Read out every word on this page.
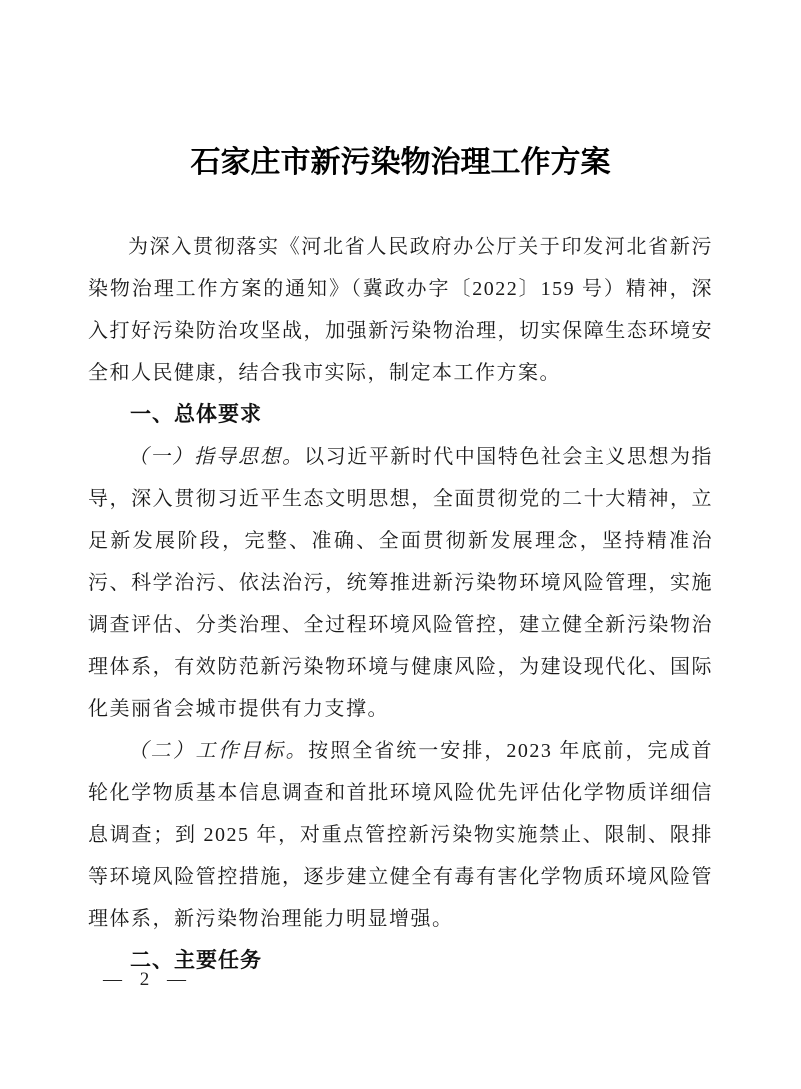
石家庄市新污染物治理工作方案

为深入贯彻落实《河北省人民政府办公厅关于印发河北省新污染物治理工作方案的通知》（冀政办字〔2022〕159 号）精神，深入打好污染防治攻坚战，加强新污染物治理，切实保障生态环境安全和人民健康，结合我市实际，制定本工作方案。

一、总体要求

（一）指导思想。以习近平新时代中国特色社会主义思想为指导，深入贯彻习近平生态文明思想，全面贯彻党的二十大精神，立足新发展阶段，完整、准确、全面贯彻新发展理念，坚持精准治污、科学治污、依法治污，统筹推进新污染物环境风险管理，实施调查评估、分类治理、全过程环境风险管控，建立健全新污染物治理体系，有效防范新污染物环境与健康风险，为建设现代化、国际化美丽省会城市提供有力支撑。

（二）工作目标。按照全省统一安排，2023 年底前，完成首轮化学物质基本信息调查和首批环境风险优先评估化学物质详细信息调查；到 2025 年，对重点管控新污染物实施禁止、限制、限排等环境风险管控措施，逐步建立健全有毒有害化学物质环境风险管理体系，新污染物治理能力明显增强。

二、主要任务
— 2 —
